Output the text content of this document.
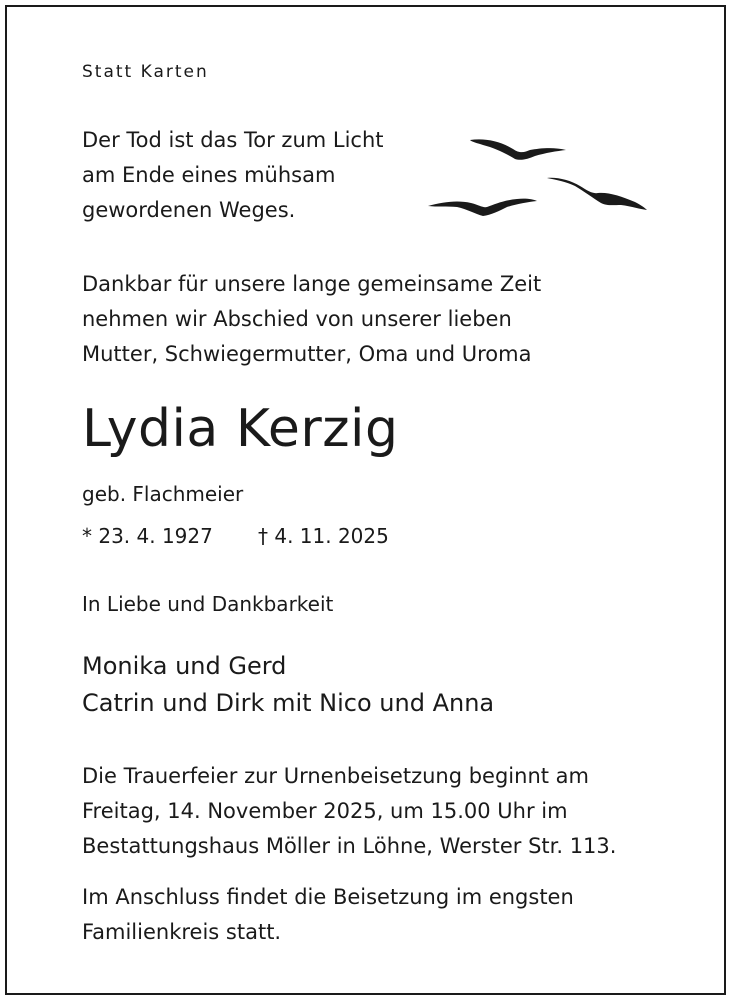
Statt Karten
Der Tod ist das Tor zum Licht
am Ende eines mühsam
gewordenen Weges.
Dankbar für unsere lange gemeinsame Zeit
nehmen wir Abschied von unserer lieben
Mutter, Schwiegermutter, Oma und Uroma
Lydia Kerzig
geb. Flachmeier
* 23. 4. 1927 † 4. 11. 2025
In Liebe und Dankbarkeit
Monika und Gerd
Catrin und Dirk mit Nico und Anna
Die Trauerfeier zur Urnenbeisetzung beginnt am
Freitag, 14. November 2025, um 15.00 Uhr im
Bestattungshaus Möller in Löhne, Werster Str. 113.
Im Anschluss findet die Beisetzung im engsten
Familienkreis statt.
